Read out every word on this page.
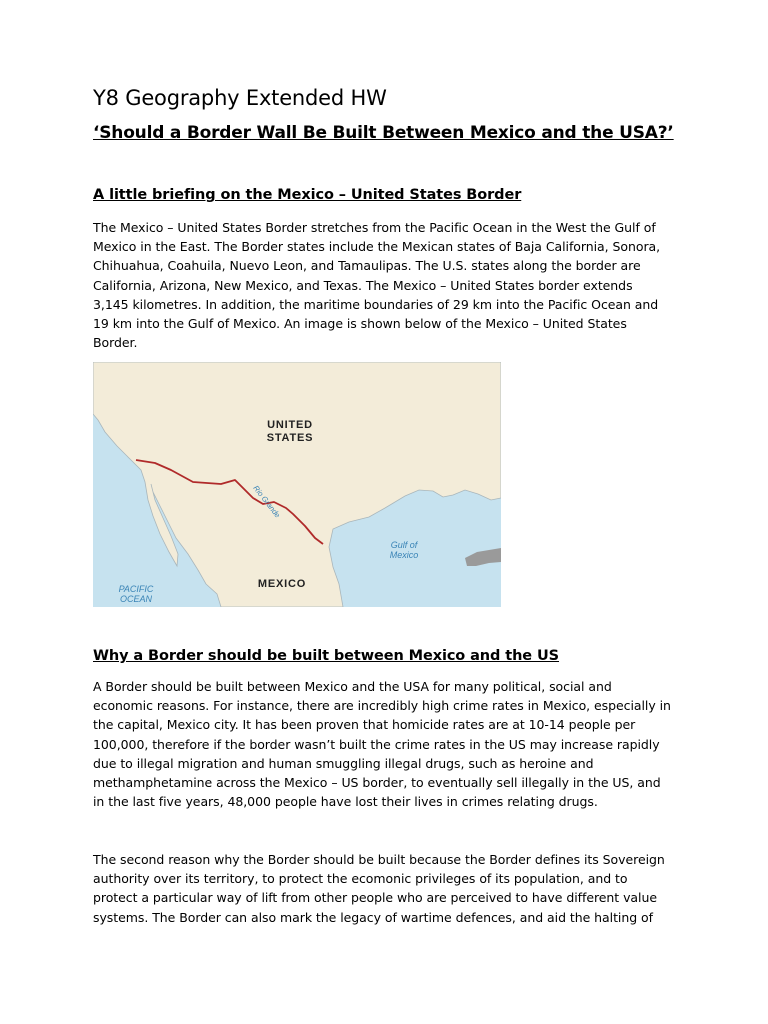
Y8 Geography Extended HW
‘Should a Border Wall Be Built Between Mexico and the USA?’
A little briefing on the Mexico – United States Border

The Mexico – United States Border stretches from the Pacific Ocean in the West the Gulf of
Mexico in the East. The Border states include the Mexican states of Baja California, Sonora,
Chihuahua, Coahuila, Nuevo Leon, and Tamaulipas. The U.S. states along the border are
California, Arizona, New Mexico, and Texas. The Mexico – United States border extends
3,145 kilometres. In addition, the maritime boundaries of 29 km into the Pacific Ocean and
19 km into the Gulf of Mexico. An image is shown below of the Mexico – United States
Border.

UNITED
STATES
MEXICO
Gulf of
Mexico
PACIFIC
OCEAN
Rio Grande
Why a Border should be built between Mexico and the US

A Border should be built between Mexico and the USA for many political, social and
economic reasons. For instance, there are incredibly high crime rates in Mexico, especially in
the capital, Mexico city. It has been proven that homicide rates are at 10-14 people per
100,000, therefore if the border wasn’t built the crime rates in the US may increase rapidly
due to illegal migration and human smuggling illegal drugs, such as heroine and
methamphetamine across the Mexico – US border, to eventually sell illegally in the US, and
in the last five years, 48,000 people have lost their lives in crimes relating drugs.

The second reason why the Border should be built because the Border defines its Sovereign
authority over its territory, to protect the ecomonic privileges of its population, and to
protect a particular way of lift from other people who are perceived to have different value
systems. The Border can also mark the legacy of wartime defences, and aid the halting of
